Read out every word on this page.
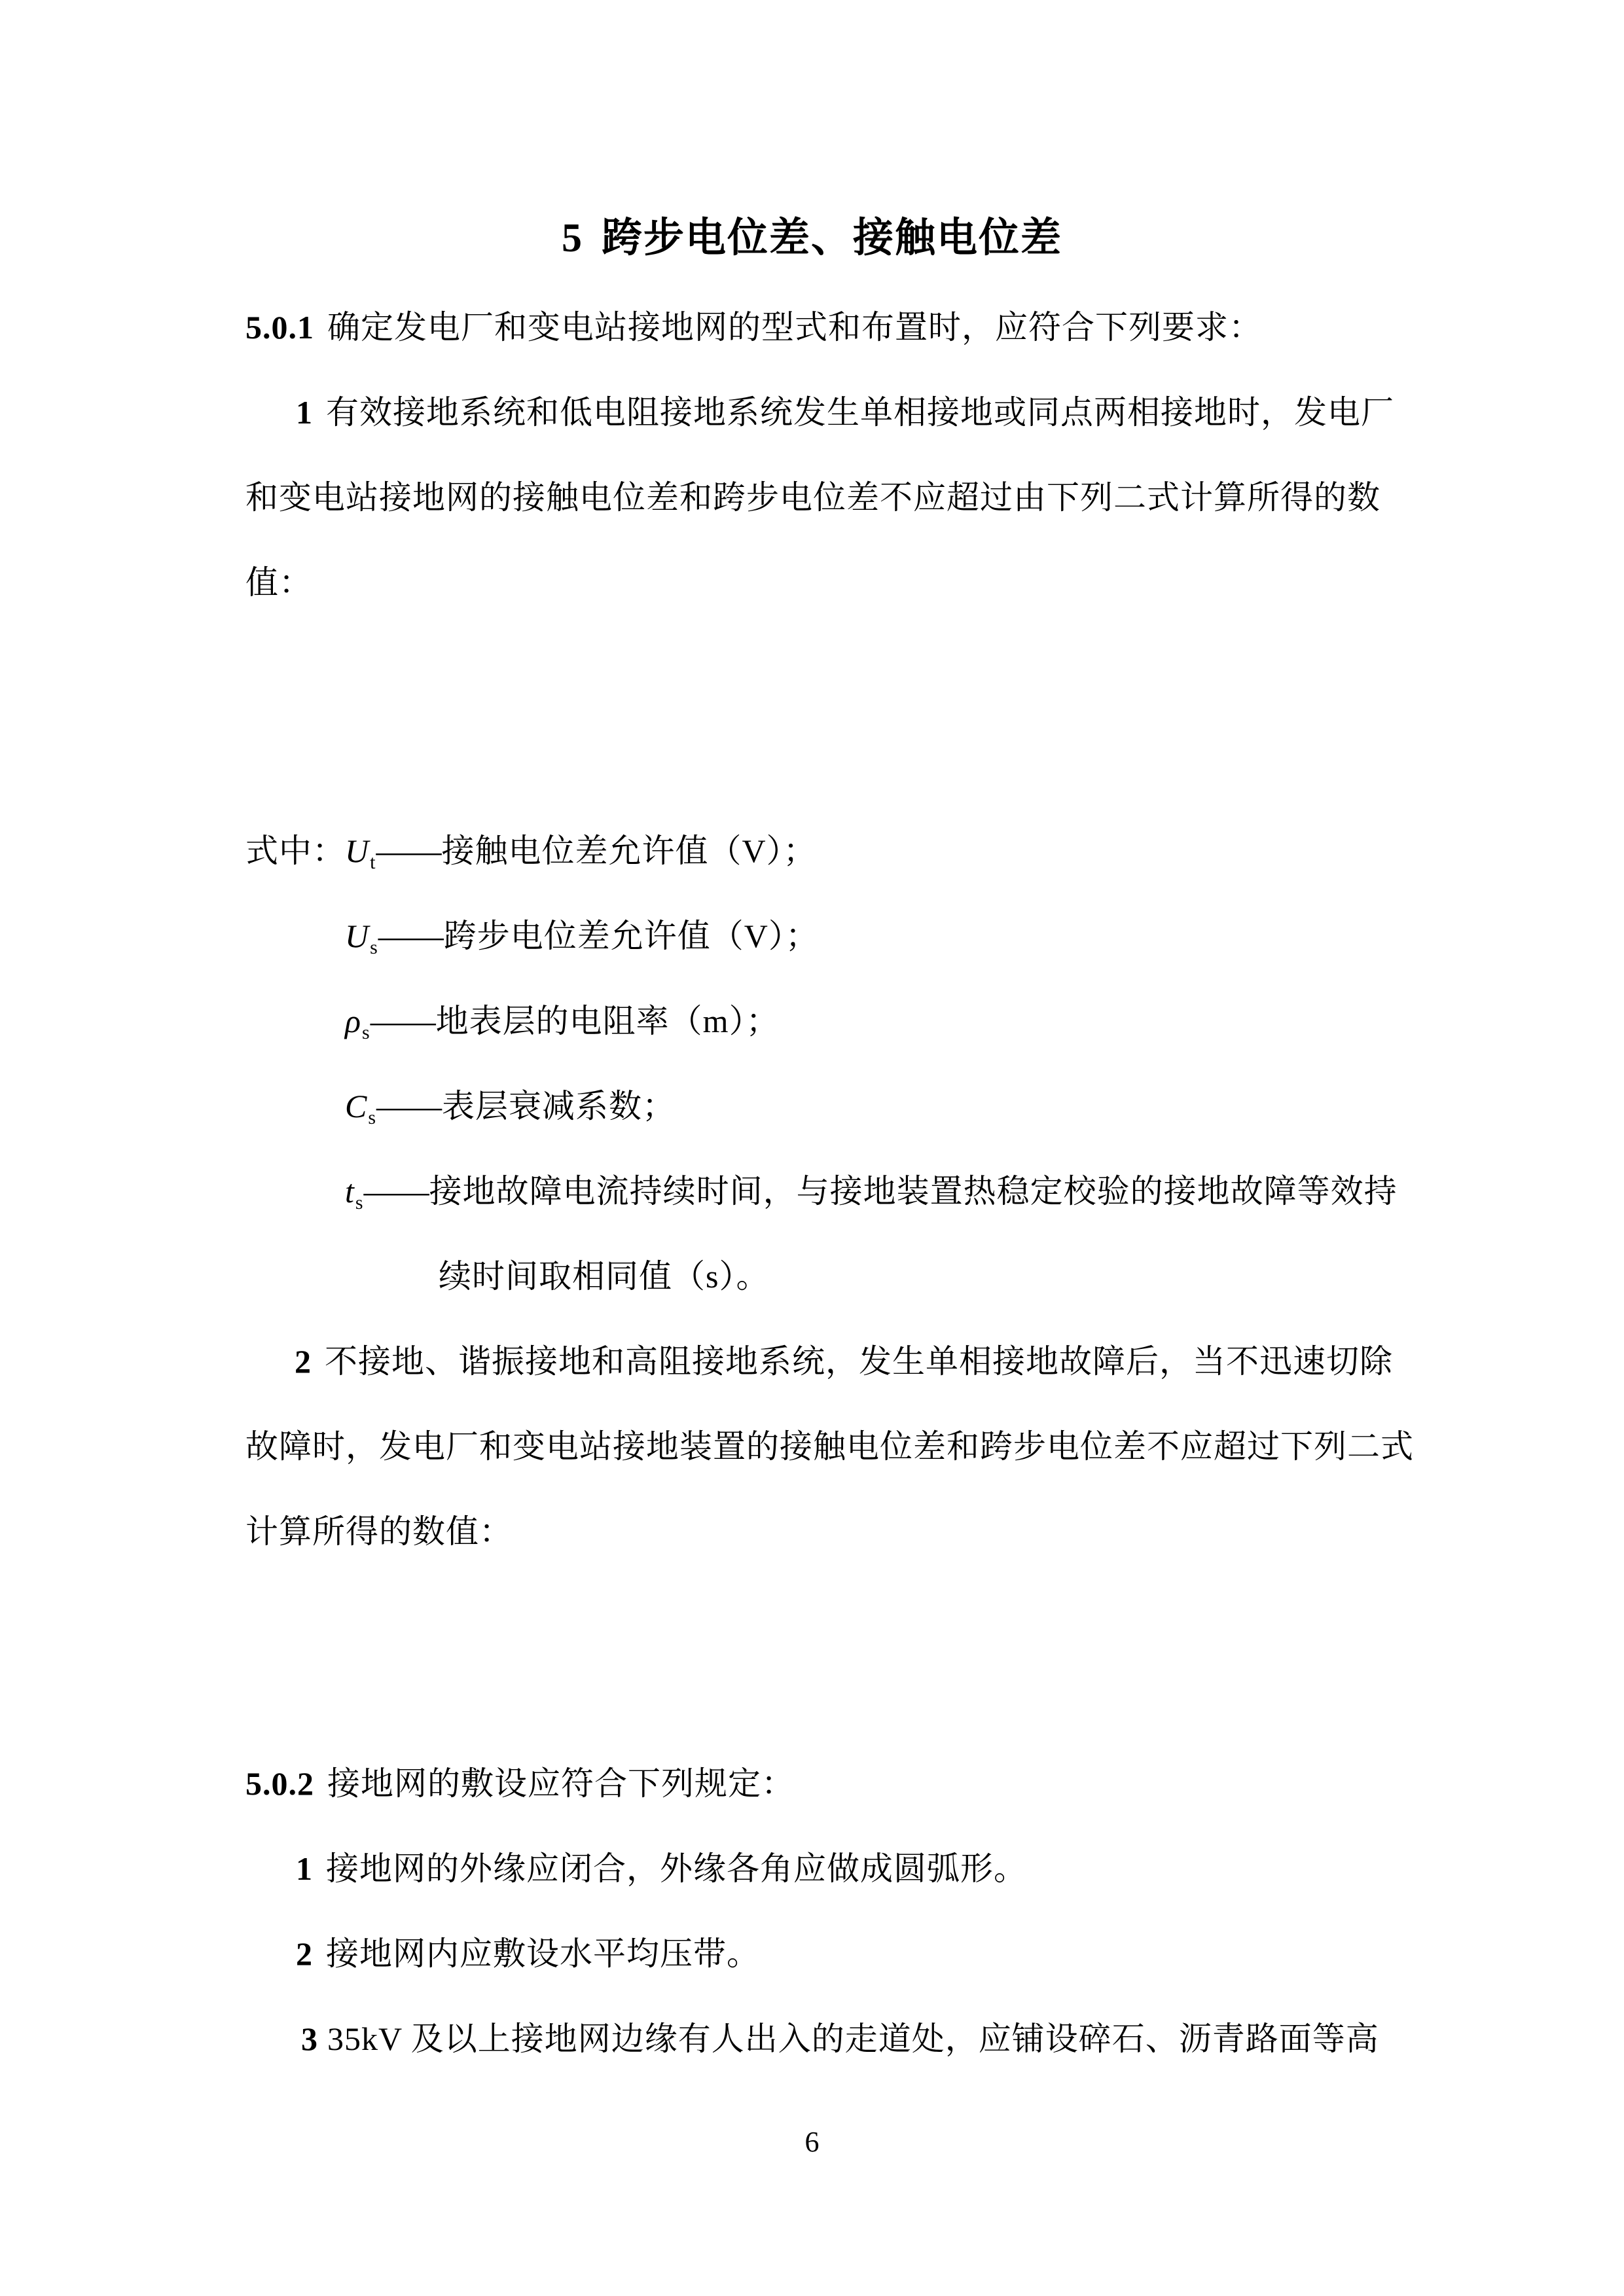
5 跨步电位差、接触电位差
5.0.1 确定发电厂和变电站接地网的型式和布置时，应符合下列要求：
1 有效接地系统和低电阻接地系统发生单相接地或同点两相接地时，发电厂
和变电站接地网的接触电位差和跨步电位差不应超过由下列二式计算所得的数
值：
式中：$U_t——$接触电位差允许值（V）；
$U_s——$跨步电位差允许值（V）；
$\rho_s——$地表层的电阻率（m）；
$C_s——$表层衰减系数；
$t_s——$接地故障电流持续时间，与接地装置热稳定校验的接地故障等效持
续时间取相同值（s）。
2 不接地、谐振接地和高阻接地系统，发生单相接地故障后，当不迅速切除
故障时，发电厂和变电站接地装置的接触电位差和跨步电位差不应超过下列二式
计算所得的数值：
5.0.2 接地网的敷设应符合下列规定：
1 接地网的外缘应闭合，外缘各角应做成圆弧形。
2 接地网内应敷设水平均压带。
3 35kV 及以上接地网边缘有人出入的走道处，应铺设碎石、沥青路面等高
6
